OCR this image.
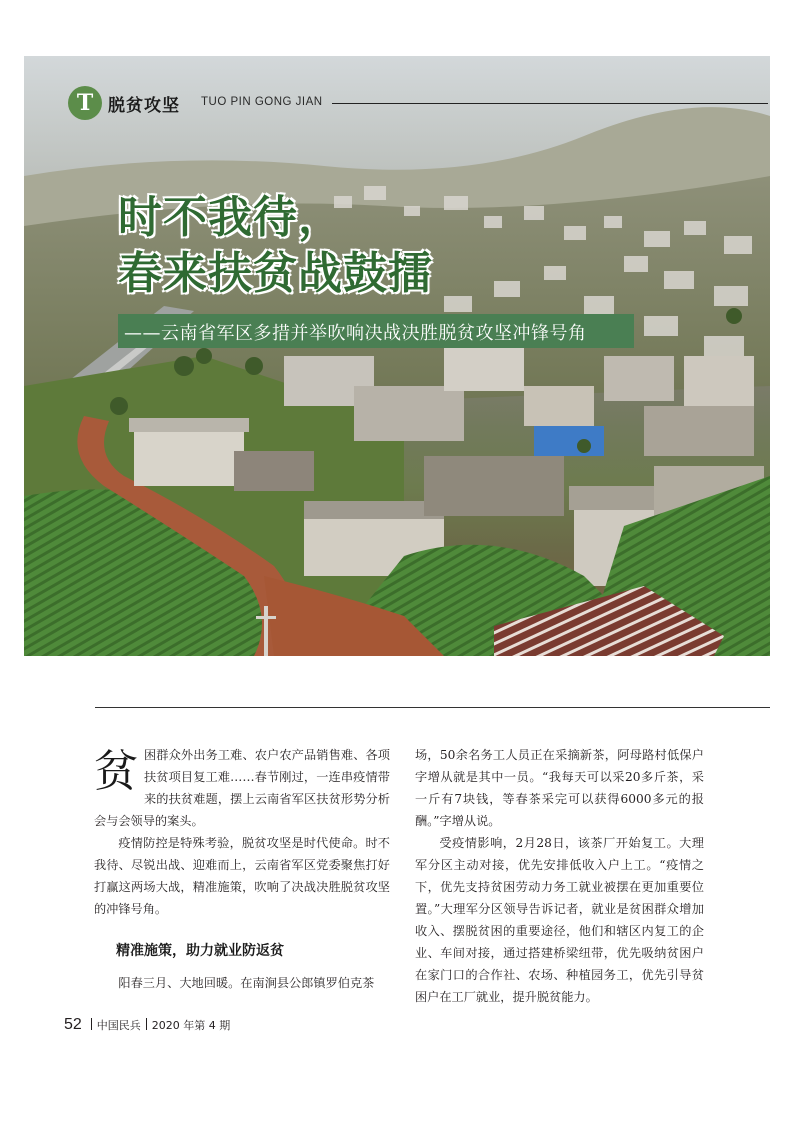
T 脱贫攻坚 TUO PIN GONG JIAN
时不我待，
春来扶贫战鼓擂
——云南省军区多措并举吹响决战决胜脱贫攻坚冲锋号角

贫困群众外出务工难、农户农产品销售难、各项扶贫项目复工难……春节刚过，一连串疫情带来的扶贫难题，摆上云南省军区扶贫形势分析会与会领导的案头。

疫情防控是特殊考验，脱贫攻坚是时代使命。时不我待、尽锐出战、迎难而上，云南省军区党委聚焦打好打赢这两场大战，精准施策，吹响了决战决胜脱贫攻坚的冲锋号角。

精准施策，助力就业防返贫

阳春三月、大地回暖。在南涧县公郎镇罗伯克茶

场，50余名务工人员正在采摘新茶，阿母路村低保户字增从就是其中一员。“我每天可以采20多斤茶，采一斤有7块钱，等春茶采完可以获得6000多元的报酬。”字增从说。

受疫情影响，2月28日，该茶厂开始复工。大理军分区主动对接，优先安排低收入户上工。“疫情之下，优先支持贫困劳动力务工就业被摆在更加重要位置。”大理军分区领导告诉记者，就业是贫困群众增加收入、摆脱贫困的重要途径，他们和辖区内复工的企业、车间对接，通过搭建桥梁纽带，优先吸纳贫困户在家门口的合作社、农场、种植园务工，优先引导贫困户在工厂就业，提升脱贫能力。

52 中国民兵 2020 年第 4 期
